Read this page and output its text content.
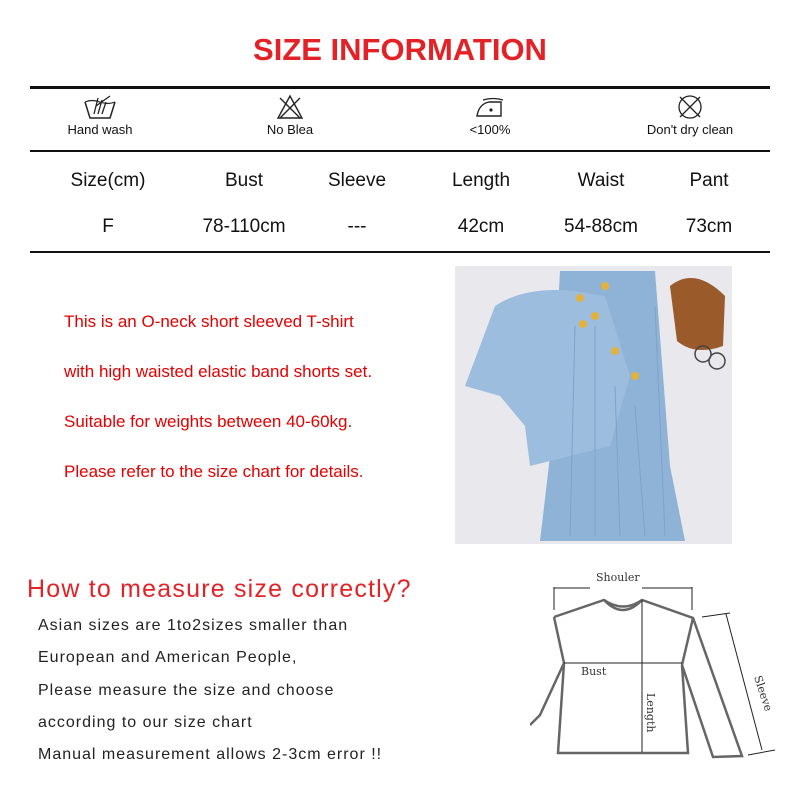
SIZE INFORMATION
Hand wash	No Blea	<100%	Don't dry clean
Size(cm)	Bust	Sleeve	Length	Waist	Pant
F	78-110cm	---	42cm	54-88cm	73cm
This is an O-neck short sleeved T-shirt
with high waisted elastic band shorts set.
Suitable for weights between 40-60kg.
Please refer to the size chart for details.
How to measure size correctly?
Asian sizes are 1to2sizes smaller than
European and American People,
Please measure the size and choose
according to our size chart
Manual measurement allows 2-3cm error !!
Shouler
Bust
Length	Sleeve
